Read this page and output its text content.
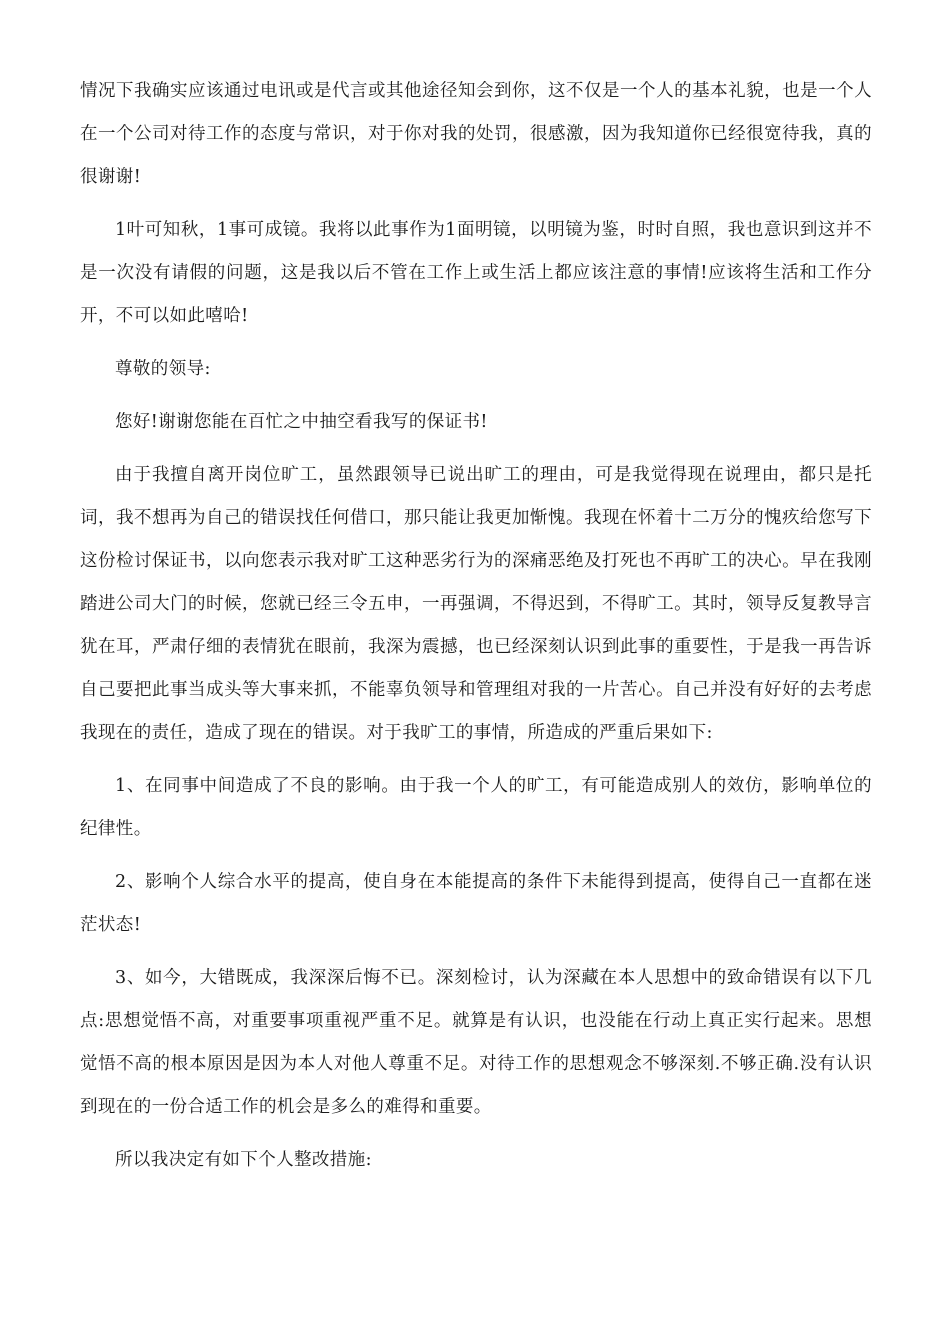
情况下我确实应该通过电讯或是代言或其他途径知会到你，这不仅是一个人的基本礼貌，也是一个人在一个公司对待工作的态度与常识，对于你对我的处罚，很感激，因为我知道你已经很宽待我，真的很谢谢!

1叶可知秋，1事可成镜。我将以此事作为1面明镜，以明镜为鉴，时时自照，我也意识到这并不是一次没有请假的问题，这是我以后不管在工作上或生活上都应该注意的事情!应该将生活和工作分开，不可以如此嘻哈!

尊敬的领导:

您好!谢谢您能在百忙之中抽空看我写的保证书!

由于我擅自离开岗位旷工，虽然跟领导已说出旷工的理由，可是我觉得现在说理由，都只是托词，我不想再为自己的错误找任何借口，那只能让我更加惭愧。我现在怀着十二万分的愧疚给您写下这份检讨保证书，以向您表示我对旷工这种恶劣行为的深痛恶绝及打死也不再旷工的决心。早在我刚踏进公司大门的时候，您就已经三令五申，一再强调，不得迟到，不得旷工。其时，领导反复教导言犹在耳，严肃仔细的表情犹在眼前，我深为震撼，也已经深刻认识到此事的重要性，于是我一再告诉自己要把此事当成头等大事来抓，不能辜负领导和管理组对我的一片苦心。自己并没有好好的去考虑我现在的责任，造成了现在的错误。对于我旷工的事情，所造成的严重后果如下:

1、在同事中间造成了不良的影响。由于我一个人的旷工，有可能造成别人的效仿，影响单位的纪律性。

2、影响个人综合水平的提高，使自身在本能提高的条件下未能得到提高，使得自己一直都在迷茫状态!

3、如今，大错既成，我深深后悔不已。深刻检讨，认为深藏在本人思想中的致命错误有以下几点:思想觉悟不高，对重要事项重视严重不足。就算是有认识，也没能在行动上真正实行起来。思想觉悟不高的根本原因是因为本人对他人尊重不足。对待工作的思想观念不够深刻.不够正确.没有认识到现在的一份合适工作的机会是多么的难得和重要。

所以我决定有如下个人整改措施:
